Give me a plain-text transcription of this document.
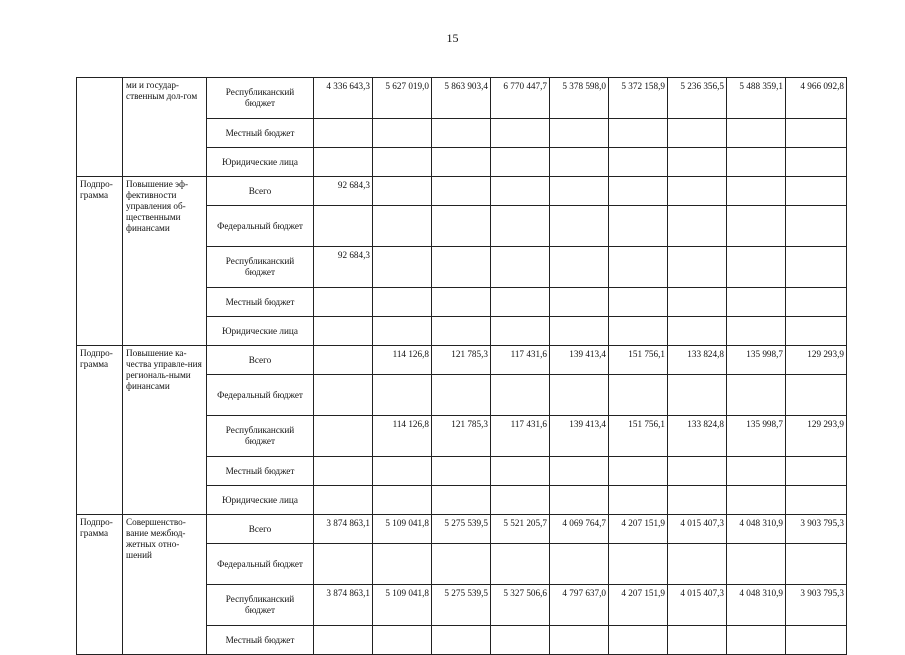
15
	ми и государ-ственным дол-гом	Республиканский бюджет	4 336 643,3	5 627 019,0	5 863 903,4	6 770 447,7	5 378 598,0	5 372 158,9	5 236 356,5	5 488 359,1	4 966 092,8
		Местный бюджет									
		Юридические лица									
Подпро-грамма	Повышение эф-фективности управления об-щественными финансами	Всего	92 684,3								
		Федеральный бюджет									
		Республиканский бюджет	92 684,3								
		Местный бюджет									
		Юридические лица									
Подпро-грамма	Повышение ка-чества управле-ния региональ-ными финансами	Всего		114 126,8	121 785,3	117 431,6	139 413,4	151 756,1	133 824,8	135 998,7	129 293,9
		Федеральный бюджет									
		Республиканский бюджет		114 126,8	121 785,3	117 431,6	139 413,4	151 756,1	133 824,8	135 998,7	129 293,9
		Местный бюджет									
		Юридические лица									
Подпро-грамма	Совершенство-вание межбюд-жетных отно-шений	Всего	3 874 863,1	5 109 041,8	5 275 539,5	5 521 205,7	4 069 764,7	4 207 151,9	4 015 407,3	4 048 310,9	3 903 795,3
		Федеральный бюджет									
		Республиканский бюджет	3 874 863,1	5 109 041,8	5 275 539,5	5 327 506,6	4 797 637,0	4 207 151,9	4 015 407,3	4 048 310,9	3 903 795,3
		Местный бюджет									
